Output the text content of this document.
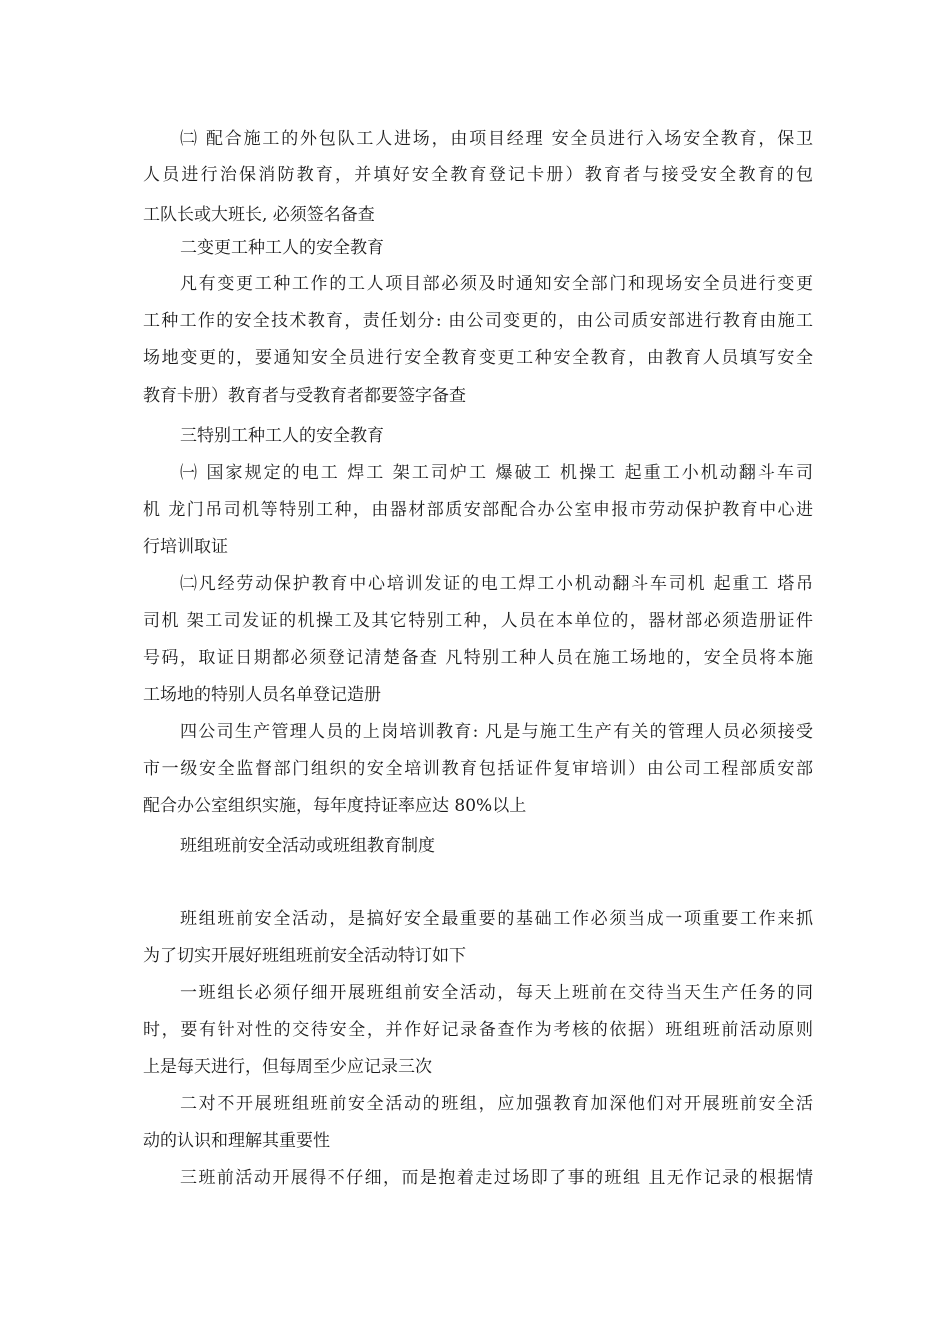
㈡ 配合施工的外包队工人进场，由项目经理 安全员进行入场安全教育，保卫
人员进行治保消防教育，并填好安全教育登记卡册）教育者与接受安全教育的包
工队长或大班长, 必须签名备查
二变更工种工人的安全教育
凡有变更工种工作的工人项目部必须及时通知安全部门和现场安全员进行变更
工种工作的安全技术教育，责任划分: 由公司变更的，由公司质安部进行教育由施工
场地变更的，要通知安全员进行安全教育变更工种安全教育，由教育人员填写安全
教育卡册）教育者与受教育者都要签字备查
三特别工种工人的安全教育
㈠ 国家规定的电工 焊工 架工司炉工 爆破工 机操工 起重工小机动翻斗车司
机 龙门吊司机等特别工种，由器材部质安部配合办公室申报市劳动保护教育中心进
行培训取证
㈡凡经劳动保护教育中心培训发证的电工焊工小机动翻斗车司机 起重工 塔吊
司机 架工司发证的机操工及其它特别工种，人员在本单位的，器材部必须造册证件
号码，取证日期都必须登记清楚备查 凡特别工种人员在施工场地的，安全员将本施
工场地的特别人员名单登记造册
四公司生产管理人员的上岗培训教育: 凡是与施工生产有关的管理人员必须接受
市一级安全监督部门组织的安全培训教育包括证件复审培训）由公司工程部质安部
配合办公室组织实施，每年度持证率应达 80%以上
班组班前安全活动或班组教育制度
班组班前安全活动，是搞好安全最重要的基础工作必须当成一项重要工作来抓
为了切实开展好班组班前安全活动特订如下
一班组长必须仔细开展班组前安全活动，每天上班前在交待当天生产任务的同
时，要有针对性的交待安全，并作好记录备查作为考核的依据）班组班前活动原则
上是每天进行，但每周至少应记录三次
二对不开展班组班前安全活动的班组，应加强教育加深他们对开展班前安全活
动的认识和理解其重要性
三班前活动开展得不仔细，而是抱着走过场即了事的班组 且无作记录的根据情
